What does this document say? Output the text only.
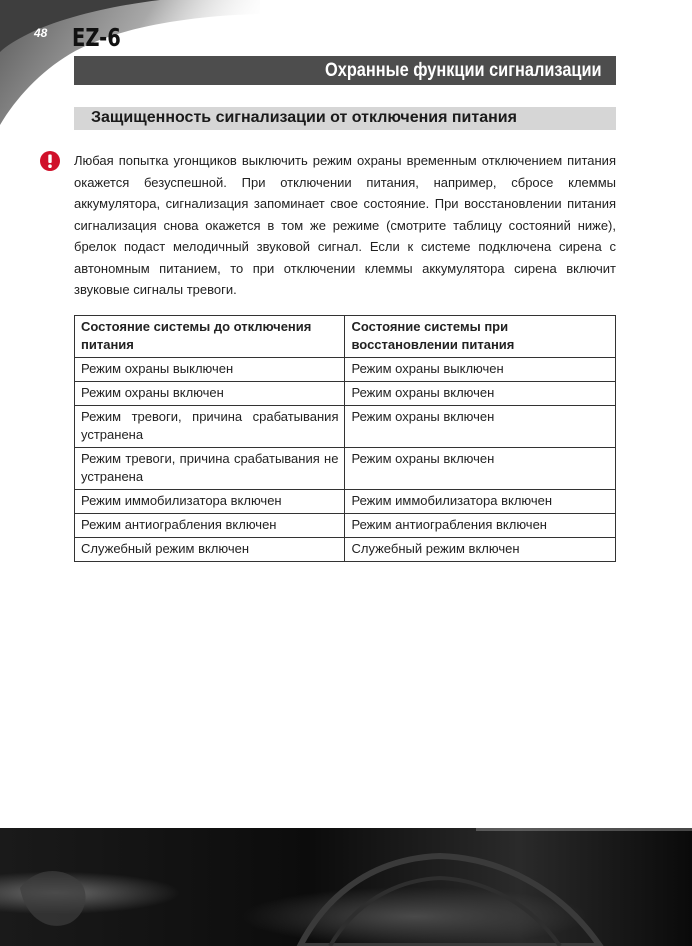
48 EZ-6
Охранные функции сигнализации
Защищенность сигнализации от отключения питания

Любая попытка угонщиков выключить режим охраны временным отключением питания окажется безуспешной. При отключении питания, например, сбросе клеммы аккумулятора, сигнализация запоминает свое состояние. При восстановлении питания сигнализация снова окажется в том же режиме (смотрите таблицу состояний ниже), брелок подаст мелодичный звуковой сигнал. Если к системе подключена сирена с автономным питанием, то при отключении клеммы аккумулятора сирена включит звуковые сигналы тревоги.

Состояние системы до отключения питания	Состояние системы при восстановлении питания
Режим охраны выключен	Режим охраны выключен
Режим охраны включен	Режим охраны включен
Режим тревоги, причина срабатывания устранена	Режим охраны включен
Режим тревоги, причина срабатывания не устранена	Режим охраны включен
Режим иммобилизатора включен	Режим иммобилизатора включен
Режим антиограбления включен	Режим антиограбления включен
Служебный режим включен	Служебный режим включен
